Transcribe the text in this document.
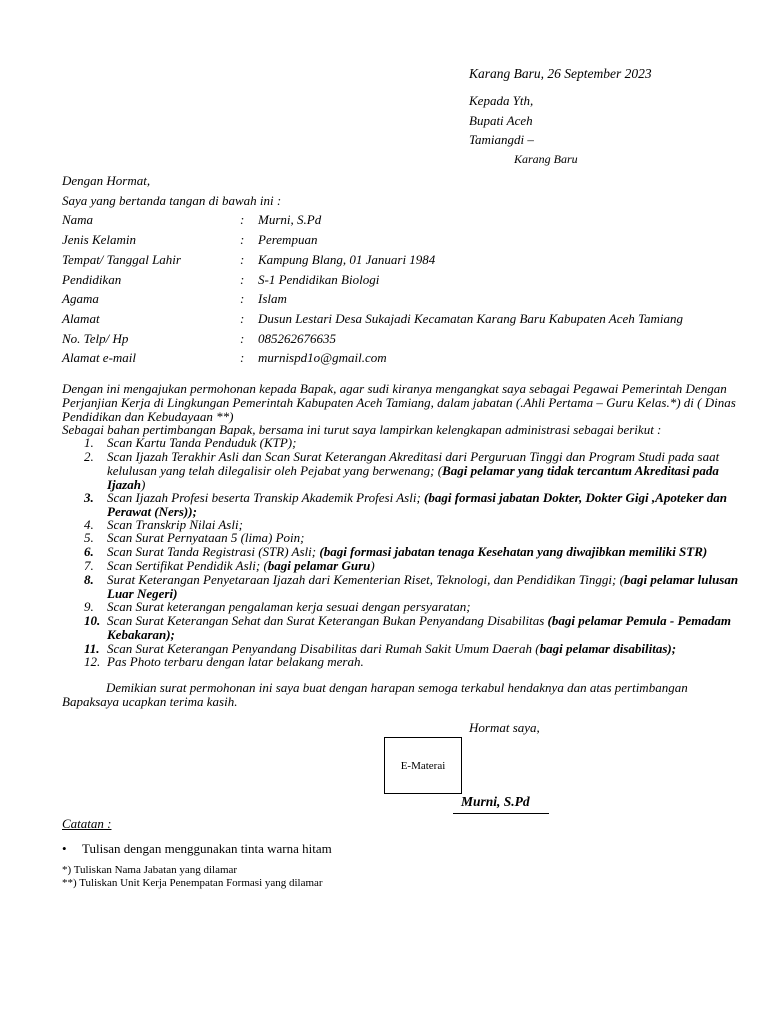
Karang Baru, 26 September 2023
Kepada Yth,
Bupati Aceh
Tamiangdi –
Karang Baru
Dengan Hormat,
Saya yang bertanda tangan di bawah ini :
Nama	: Murni, S.Pd
Jenis Kelamin	: Perempuan
Tempat/ Tanggal Lahir	: Kampung Blang, 01 Januari 1984
Pendidikan	: S-1 Pendidikan Biologi
Agama	: Islam
Alamat	: Dusun Lestari Desa Sukajadi Kecamatan Karang Baru Kabupaten Aceh Tamiang
No. Telp/ Hp	: 085262676635
Alamat e-mail	: murnispd1o@gmail.com
Dengan ini mengajukan permohonan kepada Bapak, agar sudi kiranya mengangkat saya sebagai Pegawai Pemerintah Dengan
Perjanjian Kerja di Lingkungan Pemerintah Kabupaten Aceh Tamiang, dalam jabatan (.Ahli Pertama – Guru Kelas.*) di ( Dinas
Pendidikan dan Kebudayaan **)
Sebagai bahan pertimbangan Bapak, bersama ini turut saya lampirkan kelengkapan administrasi sebagai berikut :
1.	Scan Kartu Tanda Penduduk (KTP);
2.	Scan Ijazah Terakhir Asli dan Scan Surat Keterangan Akreditasi dari Perguruan Tinggi dan Program Studi pada saat kelulusan yang telah dilegalisir oleh Pejabat yang berwenang; (Bagi pelamar yang tidak tercantum Akreditasi pada Ijazah)
3.	Scan Ijazah Profesi beserta Transkip Akademik Profesi Asli; (bagi formasi jabatan Dokter, Dokter Gigi ,Apoteker dan Perawat (Ners));
4.	Scan Transkrip Nilai Asli;
5.	Scan Surat Pernyataan 5 (lima) Poin;
6.	Scan Surat Tanda Registrasi (STR) Asli; (bagi formasi jabatan tenaga Kesehatan yang diwajibkan memiliki STR)
7.	Scan Sertifikat Pendidik Asli; (bagi pelamar Guru)
8.	Surat Keterangan Penyetaraan Ijazah dari Kementerian Riset, Teknologi, dan Pendidikan Tinggi; (bagi pelamar lulusan Luar Negeri)
9.	Scan Surat keterangan pengalaman kerja sesuai dengan persyaratan;
10. Scan Surat Keterangan Sehat dan Surat Keterangan Bukan Penyandang Disabilitas (bagi pelamar Pemula - Pemadam Kebakaran);
11. Scan Surat Keterangan Penyandang Disabilitas dari Rumah Sakit Umum Daerah (bagi pelamar disabilitas);
12. Pas Photo terbaru dengan latar belakang merah.
Demikian surat permohonan ini saya buat dengan harapan semoga terkabul hendaknya dan atas pertimbangan
Bapaksaya ucapkan terima kasih.
Hormat saya,
E-Materai
Murni, S.Pd
Catatan :
• Tulisan dengan menggunakan tinta warna hitam
*) Tuliskan Nama Jabatan yang dilamar
**) Tuliskan Unit Kerja Penempatan Formasi yang dilamar
